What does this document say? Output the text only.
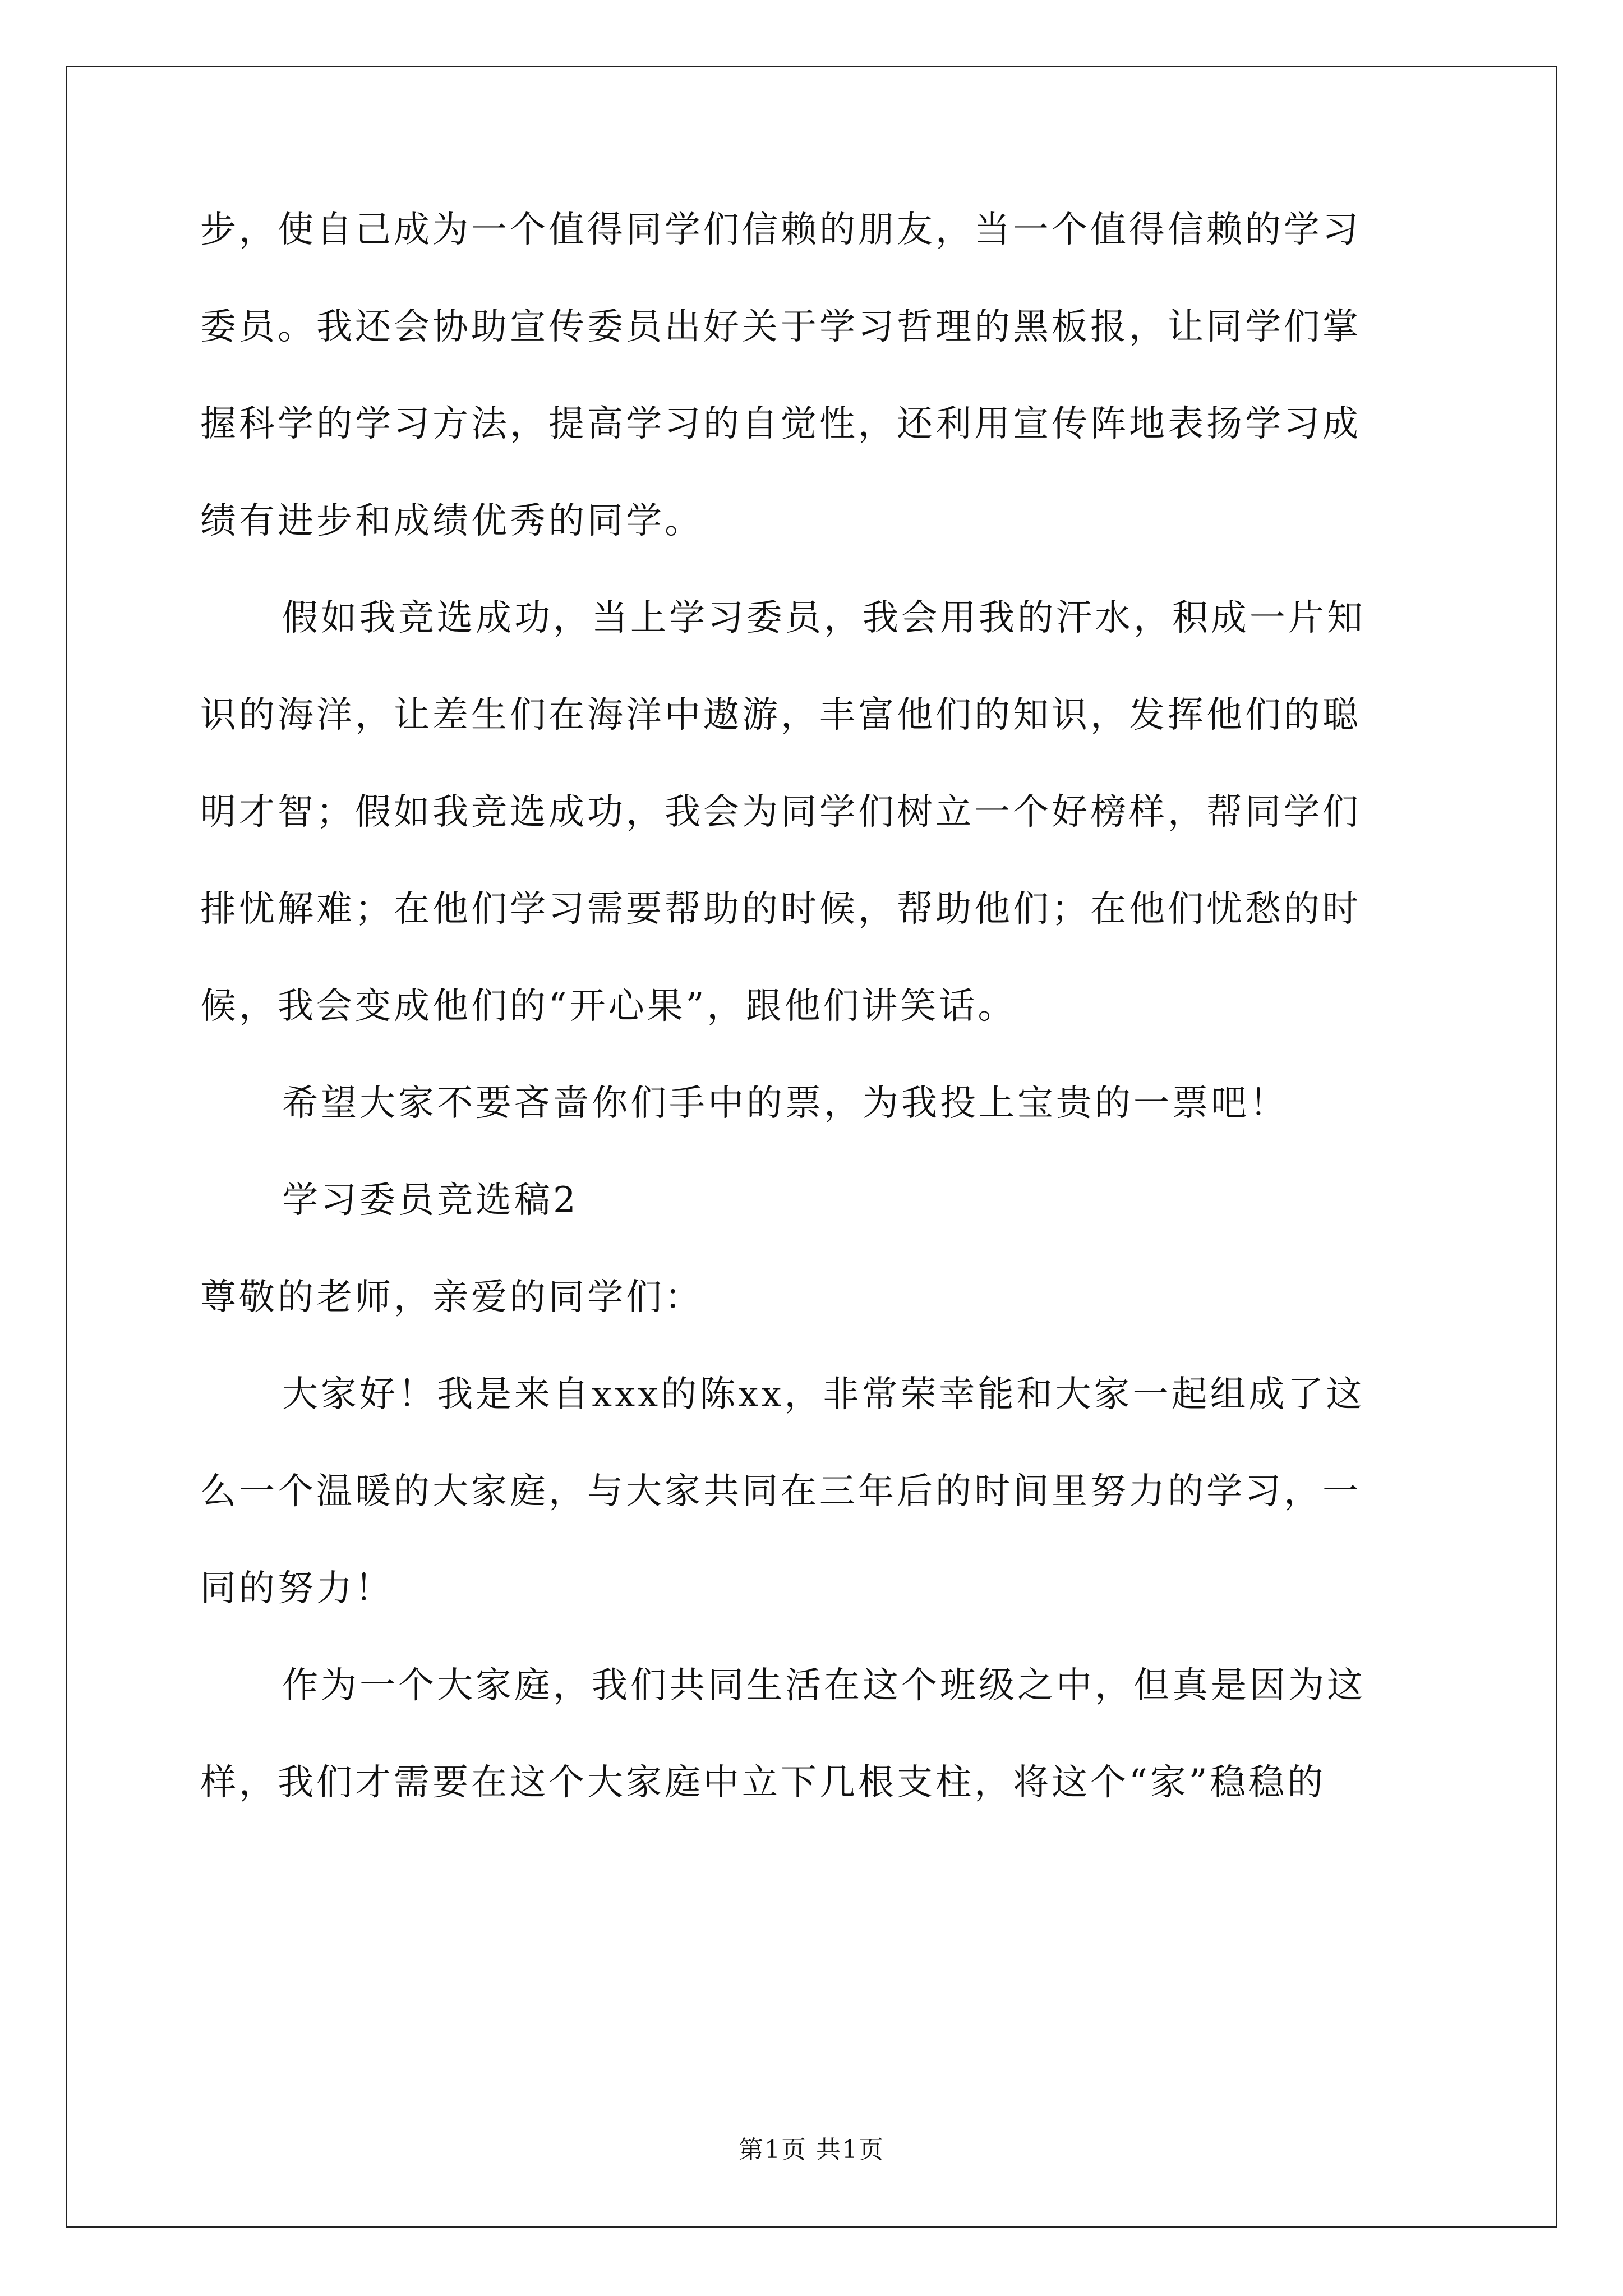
步，使自己成为一个值得同学们信赖的朋友，当一个值得信赖的学习
委员。我还会协助宣传委员出好关于学习哲理的黑板报，让同学们掌
握科学的学习方法，提高学习的自觉性，还利用宣传阵地表扬学习成
绩有进步和成绩优秀的同学。
假如我竞选成功，当上学习委员，我会用我的汗水，积成一片知
识的海洋，让差生们在海洋中遨游，丰富他们的知识，发挥他们的聪
明才智；假如我竞选成功，我会为同学们树立一个好榜样，帮同学们
排忧解难；在他们学习需要帮助的时候，帮助他们；在他们忧愁的时
候，我会变成他们的“开心果”，跟他们讲笑话。
希望大家不要吝啬你们手中的票，为我投上宝贵的一票吧！
学习委员竞选稿2
尊敬的老师，亲爱的同学们：
大家好！我是来自xxx的陈xx，非常荣幸能和大家一起组成了这
么一个温暖的大家庭，与大家共同在三年后的时间里努力的学习，一
同的努力！
作为一个大家庭，我们共同生活在这个班级之中，但真是因为这
样，我们才需要在这个大家庭中立下几根支柱，将这个“家”稳稳的
第1页 共1页
